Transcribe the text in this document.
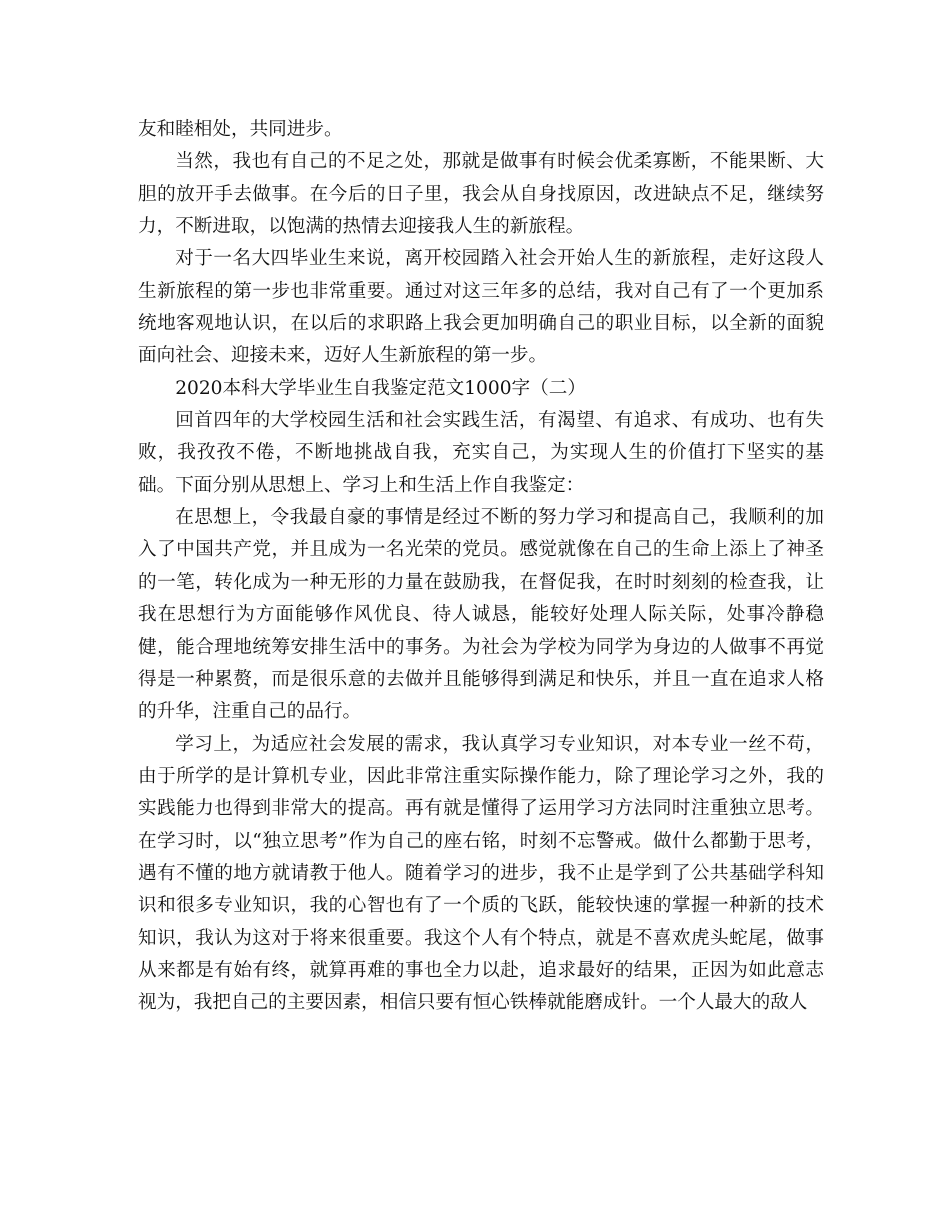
友和睦相处，共同进步。

当然，我也有自己的不足之处，那就是做事有时候会优柔寡断，不能果断、大胆的放开手去做事。在今后的日子里，我会从自身找原因，改进缺点不足，继续努力，不断进取，以饱满的热情去迎接我人生的新旅程。

对于一名大四毕业生来说，离开校园踏入社会开始人生的新旅程，走好这段人生新旅程的第一步也非常重要。通过对这三年多的总结，我对自己有了一个更加系统地客观地认识，在以后的求职路上我会更加明确自己的职业目标，以全新的面貌面向社会、迎接未来，迈好人生新旅程的第一步。

2020本科大学毕业生自我鉴定范文1000字（二）

回首四年的大学校园生活和社会实践生活，有渴望、有追求、有成功、也有失败，我孜孜不倦，不断地挑战自我，充实自己，为实现人生的价值打下坚实的基础。下面分别从思想上、学习上和生活上作自我鉴定：

在思想上，令我最自豪的事情是经过不断的努力学习和提高自己，我顺利的加入了中国共产党，并且成为一名光荣的党员。感觉就像在自己的生命上添上了神圣的一笔，转化成为一种无形的力量在鼓励我，在督促我，在时时刻刻的检查我，让我在思想行为方面能够作风优良、待人诚恳，能较好处理人际关际，处事冷静稳健，能合理地统筹安排生活中的事务。为社会为学校为同学为身边的人做事不再觉得是一种累赘，而是很乐意的去做并且能够得到满足和快乐，并且一直在追求人格的升华，注重自己的品行。

学习上，为适应社会发展的需求，我认真学习专业知识，对本专业一丝不苟，由于所学的是计算机专业，因此非常注重实际操作能力，除了理论学习之外，我的实践能力也得到非常大的提高。再有就是懂得了运用学习方法同时注重独立思考。在学习时，以“独立思考”作为自己的座右铭，时刻不忘警戒。做什么都勤于思考，遇有不懂的地方就请教于他人。随着学习的进步，我不止是学到了公共基础学科知识和很多专业知识，我的心智也有了一个质的飞跃，能较快速的掌握一种新的技术知识，我认为这对于将来很重要。我这个人有个特点，就是不喜欢虎头蛇尾，做事从来都是有始有终，就算再难的事也全力以赴，追求最好的结果，正因为如此意志视为，我把自己的主要因素，相信只要有恒心铁棒就能磨成针。一个人最大的敌人
